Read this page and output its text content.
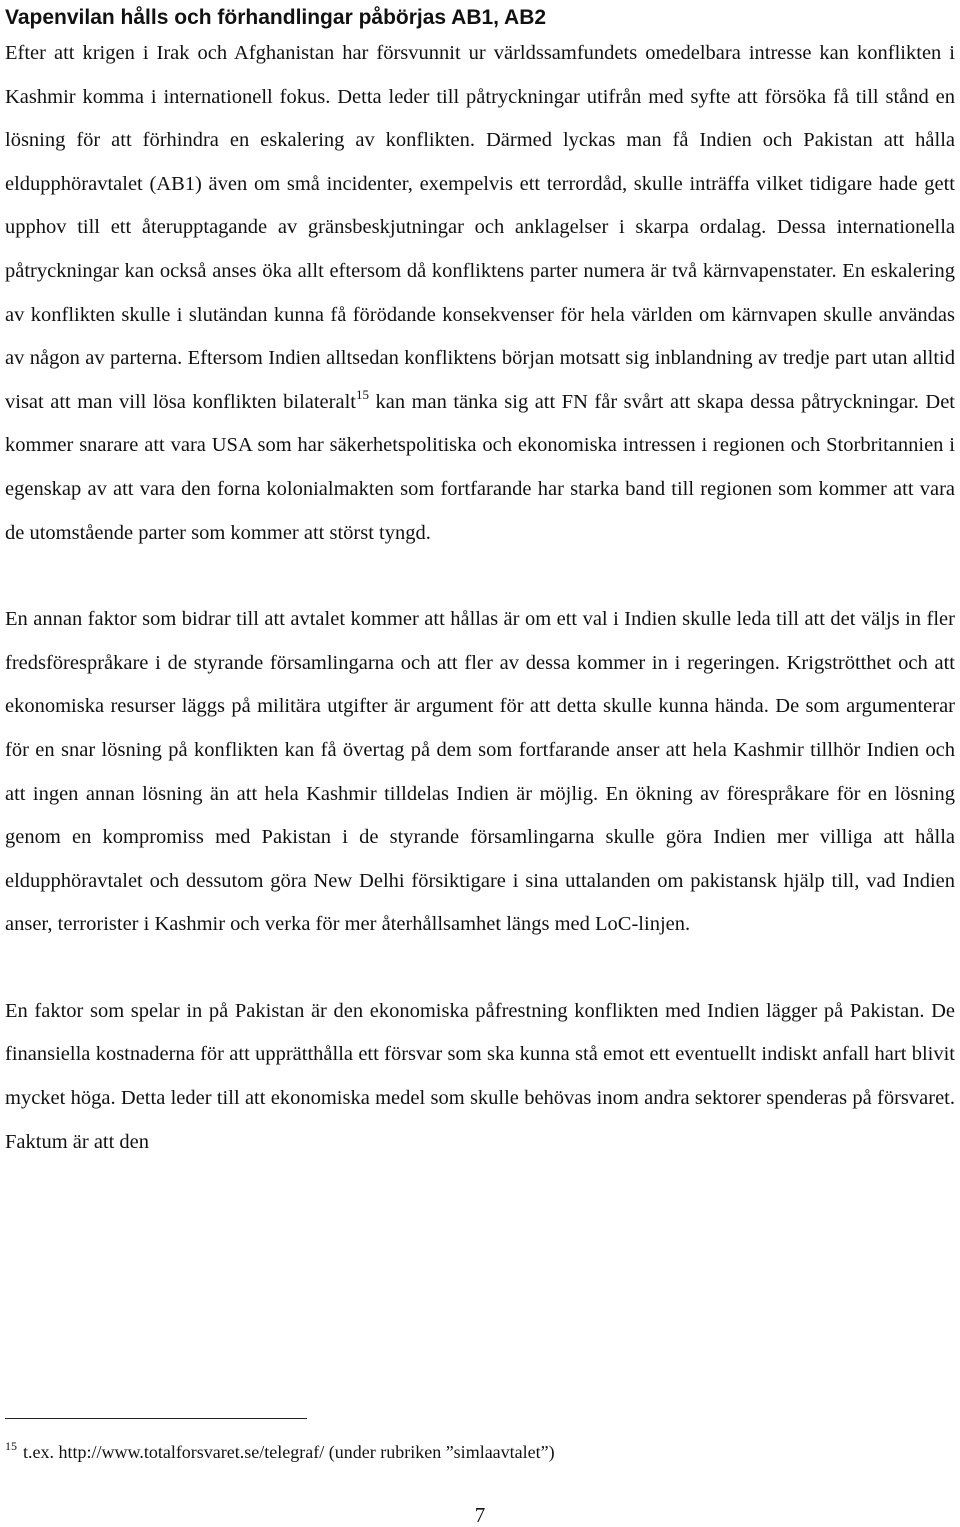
Vapenvilan hålls och förhandlingar påbörjas AB1, AB2

Efter att krigen i Irak och Afghanistan har försvunnit ur världssamfundets omedelbara intresse kan konflikten i Kashmir komma i internationell fokus. Detta leder till påtryckningar utifrån med syfte att försöka få till stånd en lösning för att förhindra en eskalering av konflikten. Därmed lyckas man få Indien och Pakistan att hålla eldupphöravtalet (AB1) även om små incidenter, exempelvis ett terrordåd, skulle inträffa vilket tidigare hade gett upphov till ett återupptagande av gränsbeskjutningar och anklagelser i skarpa ordalag. Dessa internationella påtryckningar kan också anses öka allt eftersom då konfliktens parter numera är två kärnvapenstater. En eskalering av konflikten skulle i slutändan kunna få förödande konsekvenser för hela världen om kärnvapen skulle användas av någon av parterna. Eftersom Indien alltsedan konfliktens början motsatt sig inblandning av tredje part utan alltid visat att man vill lösa konflikten bilateralt$^{15}$ kan man tänka sig att FN får svårt att skapa dessa påtryckningar. Det kommer snarare att vara USA som har säkerhetspolitiska och ekonomiska intressen i regionen och Storbritannien i egenskap av att vara den forna kolonialmakten som fortfarande har starka band till regionen som kommer att vara de utomstående parter som kommer att störst tyngd.

En annan faktor som bidrar till att avtalet kommer att hållas är om ett val i Indien skulle leda till att det väljs in fler fredsförespråkare i de styrande församlingarna och att fler av dessa kommer in i regeringen. Krigströtthet och att ekonomiska resurser läggs på militära utgifter är argument för att detta skulle kunna hända. De som argumenterar för en snar lösning på konflikten kan få övertag på dem som fortfarande anser att hela Kashmir tillhör Indien och att ingen annan lösning än att hela Kashmir tilldelas Indien är möjlig. En ökning av förespråkare för en lösning genom en kompromiss med Pakistan i de styrande församlingarna skulle göra Indien mer villiga att hålla eldupphöravtalet och dessutom göra New Delhi försiktigare i sina uttalanden om pakistansk hjälp till, vad Indien anser, terrorister i Kashmir och verka för mer återhållsamhet längs med LoC-linjen.

En faktor som spelar in på Pakistan är den ekonomiska påfrestning konflikten med Indien lägger på Pakistan. De finansiella kostnaderna för att upprätthålla ett försvar som ska kunna stå emot ett eventuellt indiskt anfall hart blivit mycket höga. Detta leder till att ekonomiska medel som skulle behövas inom andra sektorer spenderas på försvaret. Faktum är att den

$^{15}$ t.ex. http://www.totalforsvaret.se/telegraf/ (under rubriken ”simlaavtalet”)
7
